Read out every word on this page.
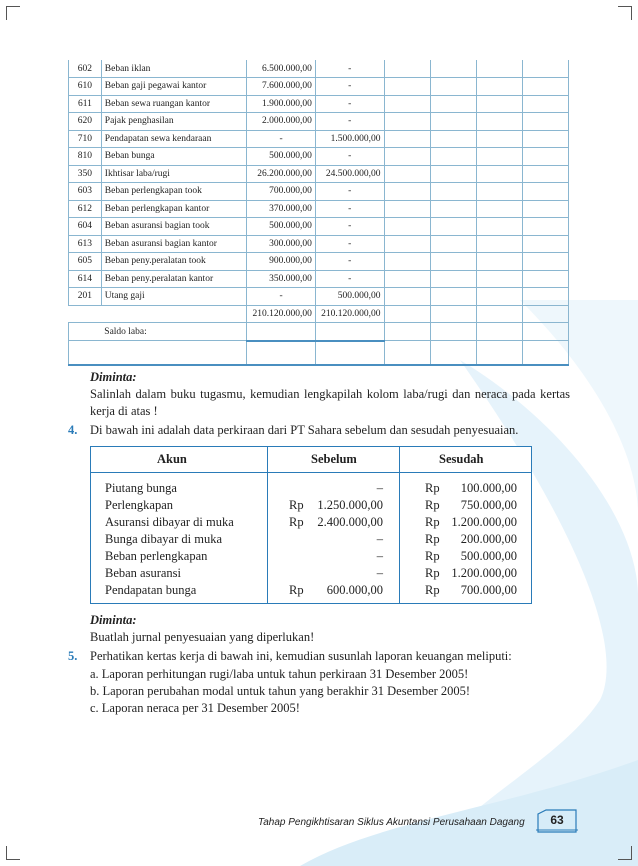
602	Beban iklan	6.500.000,00	-				
610	Beban gaji pegawai kantor	7.600.000,00	-				
611	Beban sewa ruangan kantor	1.900.000,00	-				
620	Pajak penghasilan	2.000.000,00	-				
710	Pendapatan sewa kendaraan	-	1.500.000,00				
810	Beban bunga	500.000,00	-				
350	Ikhtisar laba/rugi	26.200.000,00	24.500.000,00				
603	Beban perlengkapan took	700.000,00	-				
612	Beban perlengkapan kantor	370.000,00	-				
604	Beban asuransi bagian took	500.000,00	-				
613	Beban asuransi bagian kantor	300.000,00	-				
605	Beban peny.peralatan took	900.000,00	-				
614	Beban peny.peralatan kantor	350.000,00	-				
201	Utang gaji	-	500.000,00				
		210.120.000,00	210.120.000,00				
	Saldo laba:						

Diminta:
Salinlah dalam buku tugasmu, kemudian lengkapilah kolom laba/rugi dan neraca pada kertas kerja di atas !
4. Di bawah ini adalah data perkiraan dari PT Sahara sebelum dan sesudah penyesuaian.
Akun	Sebelum	Sesudah
Piutang bunga	–	Rp 100.000,00
Perlengkapan	Rp 1.250.000,00	Rp 750.000,00
Asuransi dibayar di muka	Rp 2.400.000,00	Rp 1.200.000,00
Bunga dibayar di muka	–	Rp 200.000,00
Beban perlengkapan	–	Rp 500.000,00
Beban asuransi	–	Rp 1.200.000,00
Pendapatan bunga	Rp 600.000,00	Rp 700.000,00
Diminta:
Buatlah jurnal penyesuaian yang diperlukan!
5. Perhatikan kertas kerja di bawah ini, kemudian susunlah laporan keuangan meliputi:
a. Laporan perhitungan rugi/laba untuk tahun perkiraan 31 Desember 2005!
b. Laporan perubahan modal untuk tahun yang berakhir 31 Desember 2005!
c. Laporan neraca per 31 Desember 2005!
Tahap Pengikhtisaran Siklus Akuntansi Perusahaan Dagang	63
